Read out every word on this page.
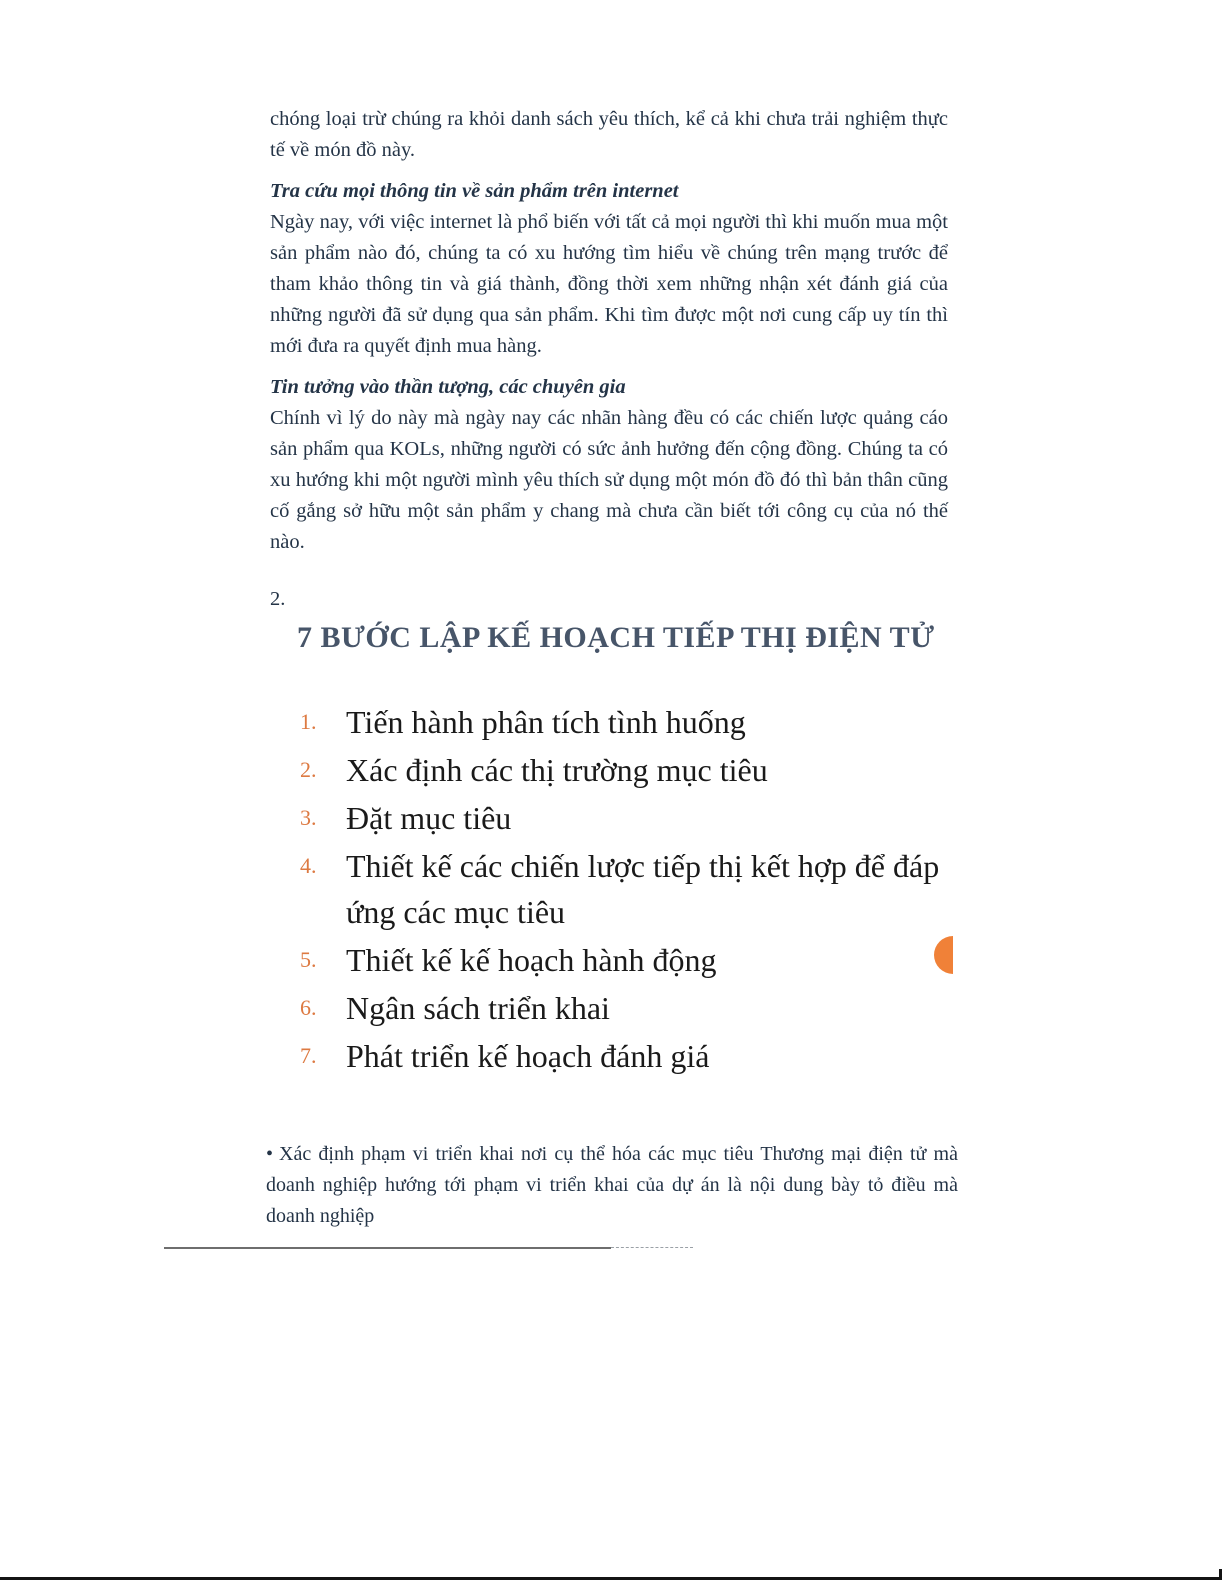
chóng loại trừ chúng ra khỏi danh sách yêu thích, kể cả khi chưa trải nghiệm thực tế về món đồ này.

Tra cứu mọi thông tin về sản phẩm trên internet

Ngày nay, với việc internet là phổ biến với tất cả mọi người thì khi muốn mua một sản phẩm nào đó, chúng ta có xu hướng tìm hiểu về chúng trên mạng trước để tham khảo thông tin và giá thành, đồng thời xem những nhận xét đánh giá của những người đã sử dụng qua sản phẩm. Khi tìm được một nơi cung cấp uy tín thì mới đưa ra quyết định mua hàng.

Tin tưởng vào thần tượng, các chuyên gia

Chính vì lý do này mà ngày nay các nhãn hàng đều có các chiến lược quảng cáo sản phẩm qua KOLs, những người có sức ảnh hưởng đến cộng đồng. Chúng ta có xu hướng khi một người mình yêu thích sử dụng một món đồ đó thì bản thân cũng cố gắng sở hữu một sản phẩm y chang mà chưa cần biết tới công cụ của nó thế nào.

2.
7 BƯỚC LẬP KẾ HOẠCH TIẾP THỊ ĐIỆN TỬ
1. Tiến hành phân tích tình huống
2. Xác định các thị trường mục tiêu
3. Đặt mục tiêu
4. Thiết kế các chiến lược tiếp thị kết hợp để đáp ứng các mục tiêu
5. Thiết kế kế hoạch hành động
6. Ngân sách triển khai
7. Phát triển kế hoạch đánh giá

• Xác định phạm vi triển khai nơi cụ thể hóa các mục tiêu Thương mại điện tử mà doanh nghiệp hướng tới phạm vi triển khai của dự án là nội dung bày tỏ điều mà doanh nghiệp
